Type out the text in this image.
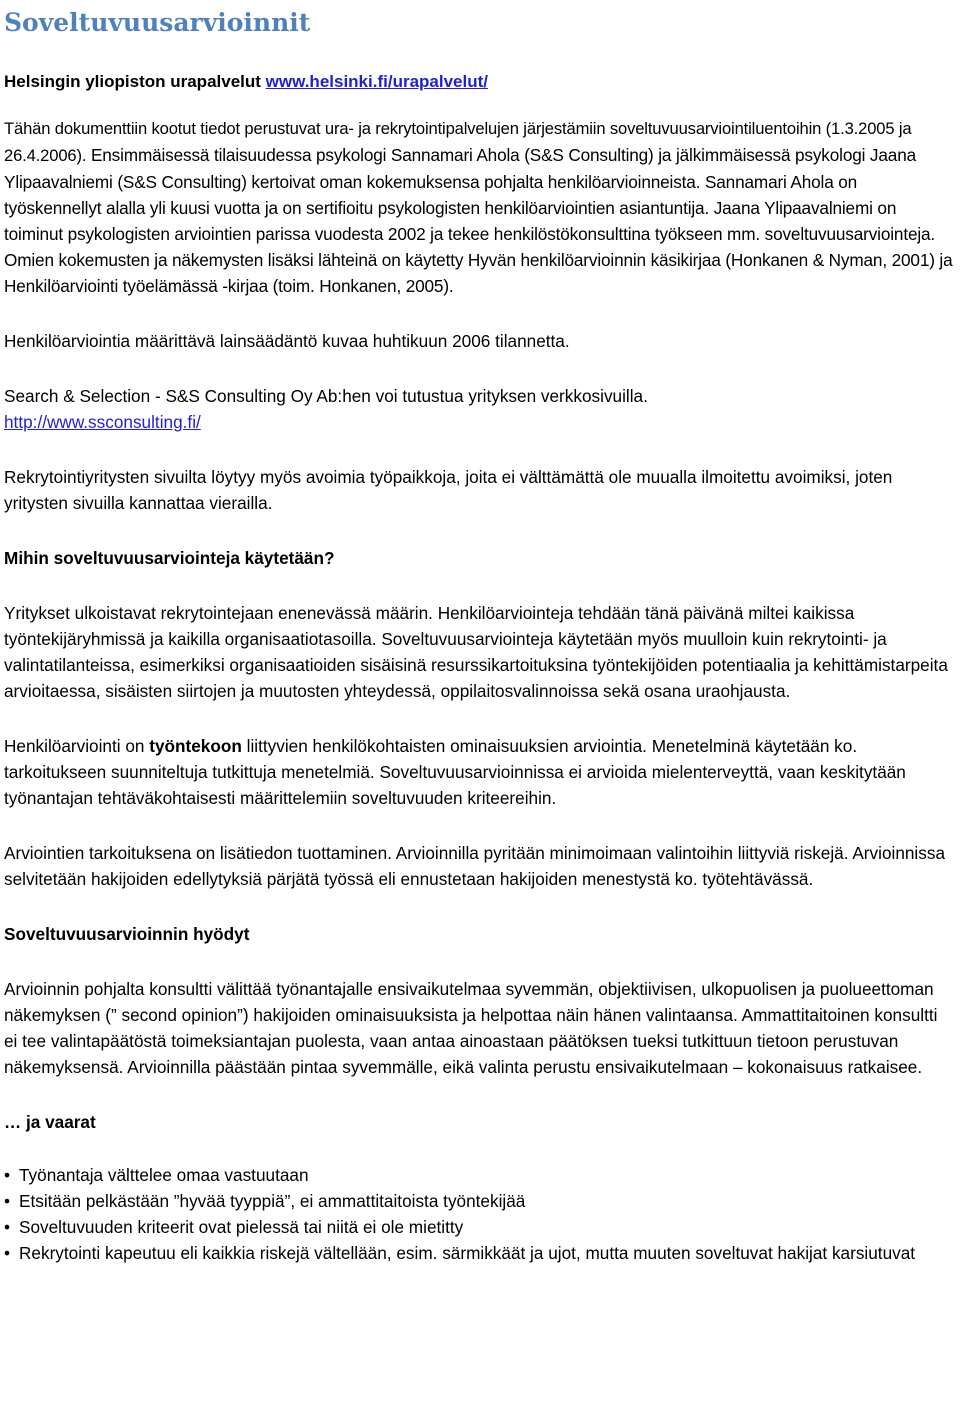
Soveltuvuusarvioinnit
Helsingin yliopiston urapalvelut www.helsinki.fi/urapalvelut/

Tähän dokumenttiin kootut tiedot perustuvat ura- ja rekrytointipalvelujen järjestämiin soveltuvuusarviointiluentoihin (1.3.2005 ja 26.4.2006). Ensimmäisessä tilaisuudessa psykologi Sannamari Ahola (S&S Consulting) ja jälkimmäisessä psykologi Jaana Ylipaavalniemi (S&S Consulting) kertoivat oman kokemuksensa pohjalta henkilöarvioinneista. Sannamari Ahola on työskennellyt alalla yli kuusi vuotta ja on sertifioitu psykologisten henkilöarviointien asiantuntija. Jaana Ylipaavalniemi on toiminut psykologisten arviointien parissa vuodesta 2002 ja tekee henkilöstökonsulttina työkseen mm. soveltuvuusarviointeja. Omien kokemusten ja näkemysten lisäksi lähteinä on käytetty Hyvän henkilöarvioinnin käsikirjaa (Honkanen & Nyman, 2001) ja Henkilöarviointi työelämässä -kirjaa (toim. Honkanen, 2005).

Henkilöarviointia määrittävä lainsäädäntö kuvaa huhtikuun 2006 tilannetta.

Search & Selection - S&S Consulting Oy Ab:hen voi tutustua yrityksen verkkosivuilla.
http://www.ssconsulting.fi/

Rekrytointiyritysten sivuilta löytyy myös avoimia työpaikkoja, joita ei välttämättä ole muualla ilmoitettu avoimiksi, joten yritysten sivuilla kannattaa vierailla.

Mihin soveltuvuusarviointeja käytetään?

Yritykset ulkoistavat rekrytointejaan enenevässä määrin. Henkilöarviointeja tehdään tänä päivänä miltei kaikissa työntekijäryhmissä ja kaikilla organisaatiotasoilla. Soveltuvuusarviointeja käytetään myös muulloin kuin rekrytointi- ja valintatilanteissa, esimerkiksi organisaatioiden sisäisinä resurssikartoituksina työntekijöiden potentiaalia ja kehittämistarpeita arvioitaessa, sisäisten siirtojen ja muutosten yhteydessä, oppilaitosvalinnoissa sekä osana uraohjausta.

Henkilöarviointi on työntekoon liittyvien henkilökohtaisten ominaisuuksien arviointia. Menetelminä käytetään ko. tarkoitukseen suunniteltuja tutkittuja menetelmiä. Soveltuvuusarvioinnissa ei arvioida mielenterveyttä, vaan keskitytään työnantajan tehtäväkohtaisesti määrittelemiin soveltuvuuden kriteereihin.

Arviointien tarkoituksena on lisätiedon tuottaminen. Arvioinnilla pyritään minimoimaan valintoihin liittyviä riskejä. Arvioinnissa selvitetään hakijoiden edellytyksiä pärjätä työssä eli ennustetaan hakijoiden menestystä ko. työtehtävässä.

Soveltuvuusarvioinnin hyödyt

Arvioinnin pohjalta konsultti välittää työnantajalle ensivaikutelmaa syvemmän, objektiivisen, ulkopuolisen ja puolueettoman näkemyksen (” second opinion”) hakijoiden ominaisuuksista ja helpottaa näin hänen valintaansa. Ammattitaitoinen konsultti ei tee valintapäätöstä toimeksiantajan puolesta, vaan antaa ainoastaan päätöksen tueksi tutkittuun tietoon perustuvan näkemyksensä. Arvioinnilla päästään pintaa syvemmälle, eikä valinta perustu ensivaikutelmaan – kokonaisuus ratkaisee.

… ja vaarat

• Työnantaja välttelee omaa vastuutaan
• Etsitään pelkästään ”hyvää tyyppiä”, ei ammattitaitoista työntekijää
• Soveltuvuuden kriteerit ovat pielessä tai niitä ei ole mietitty
• Rekrytointi kapeutuu eli kaikkia riskejä vältellään, esim. särmikkäät ja ujot, mutta muuten soveltuvat hakijat karsiutuvat
